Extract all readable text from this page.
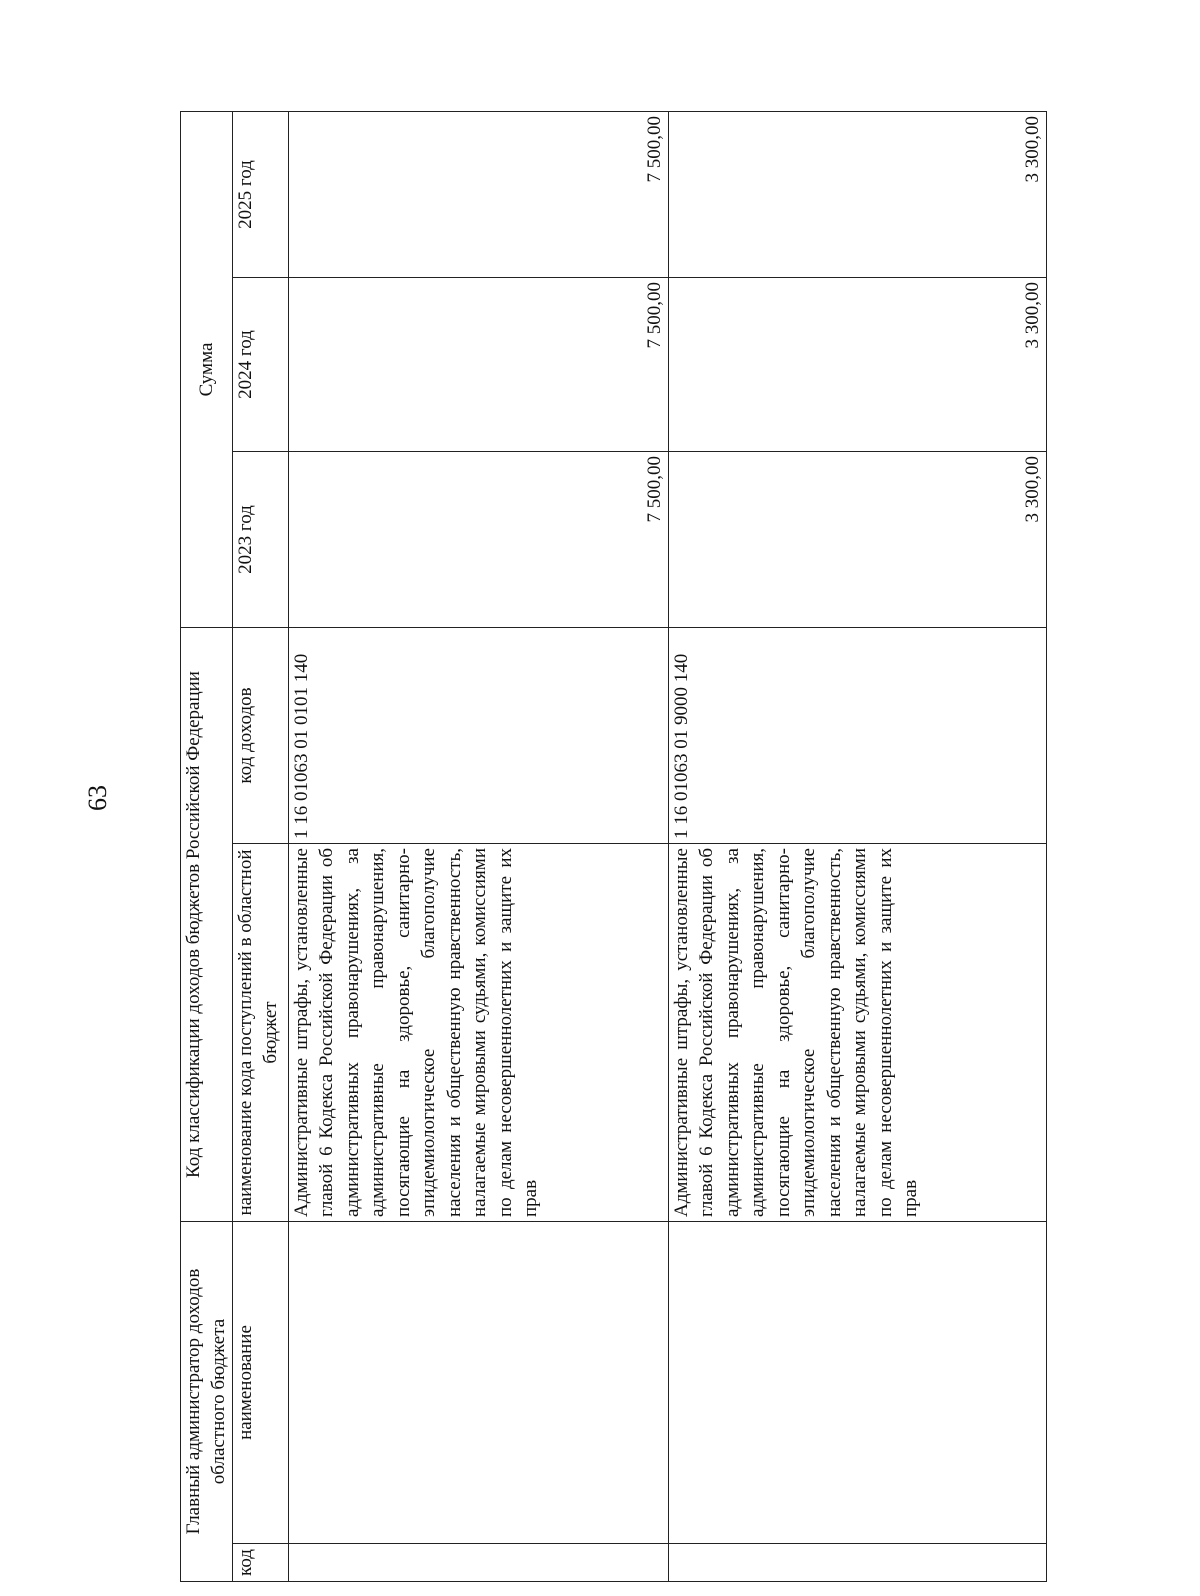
63
Главный администратор доходов областного бюджета		Код классификации доходов бюджетов Российской Федерации		Сумма		
код	наименование	наименование кода поступлений в областной бюджет	код доходов	2023 год	2024 год	2025 год
		Административные штрафы, установленные главой 6 Кодекса Российской Федерации об административных правонарушениях, за административные правонарушения, посягающие на здоровье, санитарно-эпидемиологическое благополучие населения и общественную нравственность, налагаемые мировыми судьями, комиссиями по делам несовершеннолетних и защите их прав	1 16 01063 01 0101 140	7 500,00	7 500,00	7 500,00
		Административные штрафы, установленные главой 6 Кодекса Российской Федерации об административных правонарушениях, за административные правонарушения, посягающие на здоровье, санитарно-эпидемиологическое благополучие населения и общественную нравственность, налагаемые мировыми судьями, комиссиями по делам несовершеннолетних и защите их прав	1 16 01063 01 9000 140	3 300,00	3 300,00	3 300,00
